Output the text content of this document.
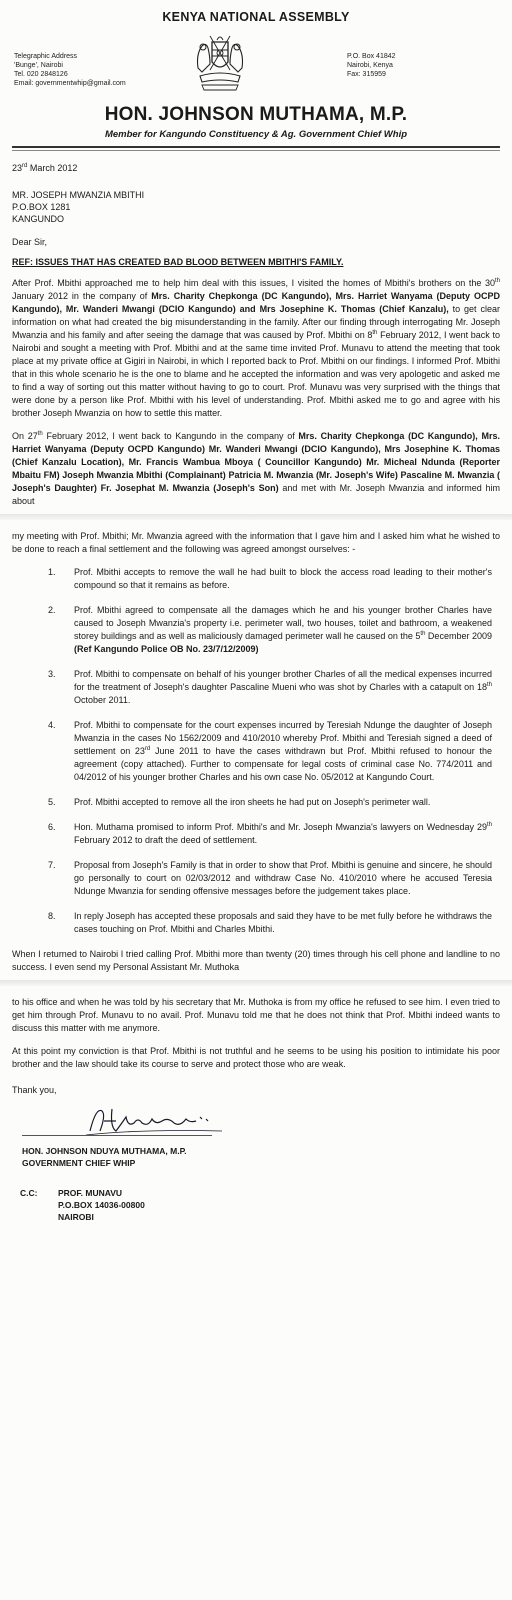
KENYA NATIONAL ASSEMBLY
Telegraphic Address
'Bunge', Nairobi
Tel. 020 2848126
Email: governmentwhip@gmail.com
P.O. Box 41842
Nairobi, Kenya
Fax: 315959
HON. JOHNSON MUTHAMA, M.P.
Member for Kangundo Constituency & Ag. Government Chief Whip
23rd March 2012
MR. JOSEPH MWANZIA MBITHI
P.O.BOX 1281
KANGUNDO
Dear Sir,
REF: ISSUES THAT HAS CREATED BAD BLOOD BETWEEN MBITHI'S FAMILY.
After Prof. Mbithi approached me to help him deal with this issues, I visited the homes of Mbithi's brothers on the 30th January 2012 in the company of Mrs. Charity Chepkonga (DC Kangundo), Mrs. Harriet Wanyama (Deputy OCPD Kangundo), Mr. Wanderi Mwangi (DCIO Kangundo) and Mrs Josephine K. Thomas (Chief Kanzalu), to get clear information on what had created the big misunderstanding in the family. After our finding through interrogating Mr. Joseph Mwanzia and his family and after seeing the damage that was caused by Prof. Mbithi on 8th February 2012, I went back to Nairobi and sought a meeting with Prof. Mbithi and at the same time invited Prof. Munavu to attend the meeting that took place at my private office at Gigiri in Nairobi, in which I reported back to Prof. Mbithi on our findings. I informed Prof. Mbithi that in this whole scenario he is the one to blame and he accepted the information and was very apologetic and asked me to find a way of sorting out this matter without having to go to court. Prof. Munavu was very surprised with the things that were done by a person like Prof. Mbithi with his level of understanding. Prof. Mbithi asked me to go and agree with his brother Joseph Mwanzia on how to settle this matter.
On 27th February 2012, I went back to Kangundo in the company of Mrs. Charity Chepkonga (DC Kangundo), Mrs. Harriet Wanyama (Deputy OCPD Kangundo) Mr. Wanderi Mwangi (DCIO Kangundo), Mrs Josephine K. Thomas (Chief Kanzalu Location), Mr. Francis Wambua Mboya ( Councillor Kangundo) Mr. Micheal Ndunda (Reporter Mbaitu FM) Joseph Mwanzia Mbithi (Complainant) Patricia M. Mwanzia (Mr. Joseph's Wife) Pascaline M. Mwanzia ( Joseph's Daughter) Fr. Josephat M. Mwanzia (Joseph's Son) and met with Mr. Joseph Mwanzia and informed him about
my meeting with Prof. Mbithi; Mr. Mwanzia agreed with the information that I gave him and I asked him what he wished to be done to reach a final settlement and the following was agreed amongst ourselves: -
1. Prof. Mbithi accepts to remove the wall he had built to block the access road leading to their mother's compound so that it remains as before.
2. Prof. Mbithi agreed to compensate all the damages which he and his younger brother Charles have caused to Joseph Mwanzia's property i.e. perimeter wall, two houses, toilet and bathroom, a weakened storey buildings and as well as maliciously damaged perimeter wall he caused on the 5th December 2009 (Ref Kangundo Police OB No. 23/7/12/2009)
3. Prof. Mbithi to compensate on behalf of his younger brother Charles of all the medical expenses incurred for the treatment of Joseph's daughter Pascaline Mueni who was shot by Charles with a catapult on 18th October 2011.
4. Prof. Mbithi to compensate for the court expenses incurred by Teresiah Ndunge the daughter of Joseph Mwanzia in the cases No 1562/2009 and 410/2010 whereby Prof. Mbithi and Teresiah signed a deed of settlement on 23rd June 2011 to have the cases withdrawn but Prof. Mbithi refused to honour the agreement (copy attached). Further to compensate for legal costs of criminal case No. 774/2011 and 04/2012 of his younger brother Charles and his own case No. 05/2012 at Kangundo Court.
5. Prof. Mbithi accepted to remove all the iron sheets he had put on Joseph's perimeter wall.
6. Hon. Muthama promised to inform Prof. Mbithi's and Mr. Joseph Mwanzia's lawyers on Wednesday 29th February 2012 to draft the deed of settlement.
7. Proposal from Joseph's Family is that in order to show that Prof. Mbithi is genuine and sincere, he should go personally to court on 02/03/2012 and withdraw Case No. 410/2010 where he accused Teresia Ndunge Mwanzia for sending offensive messages before the judgement takes place.
8. In reply Joseph has accepted these proposals and said they have to be met fully before he withdraws the cases touching on Prof. Mbithi and Charles Mbithi.
When I returned to Nairobi I tried calling Prof. Mbithi more than twenty (20) times through his cell phone and landline to no success. I even send my Personal Assistant Mr. Muthoka
to his office and when he was told by his secretary that Mr. Muthoka is from my office he refused to see him. I even tried to get him through Prof. Munavu to no avail. Prof. Munavu told me that he does not think that Prof. Mbithi indeed wants to discuss this matter with me anymore.
At this point my conviction is that Prof. Mbithi is not truthful and he seems to be using his position to intimidate his poor brother and the law should take its course to serve and protect those who are weak.
Thank you,
HON. JOHNSON NDUYA MUTHAMA, M.P.
GOVERNMENT CHIEF WHIP
C.C: PROF. MUNAVU
P.O.BOX 14036-00800
NAIROBI
